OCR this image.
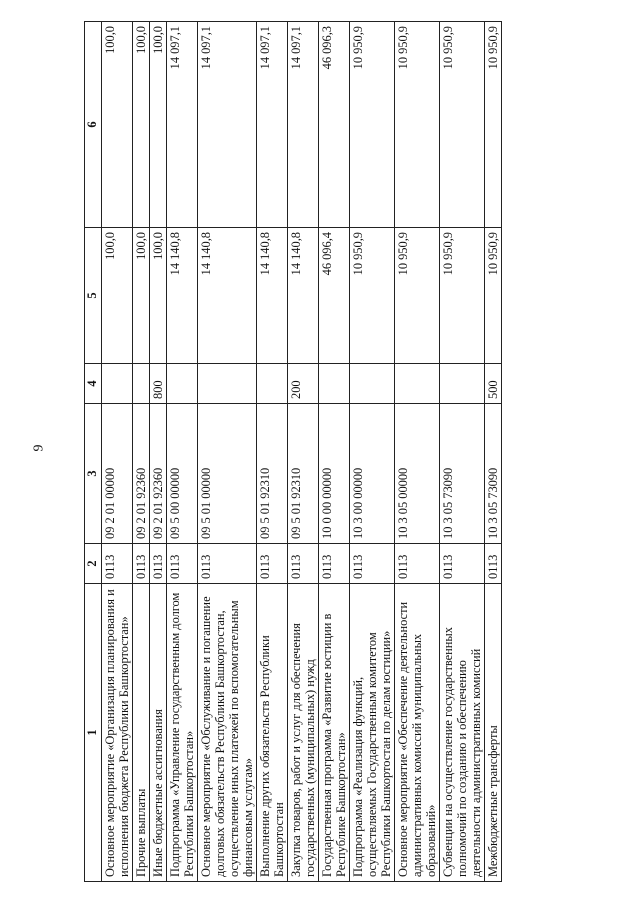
9
1	2	3	4	5	6
Основное мероприятие «Организация планирования и исполнения бюджета Республики Башкортостан»	0113	09 2 01 00000		100,0	100,0
Прочие выплаты	0113	09 2 01 92360		100,0	100,0
Иные бюджетные ассигнования	0113	09 2 01 92360	800	100,0	100,0
Подпрограмма «Управление государственным долгом Республики Башкортостан»	0113	09 5 00 00000		14 140,8	14 097,1
Основное мероприятие «Обслуживание и погашение долговых обязательств Республики Башкортостан, осуществление иных платежей по вспомогательным финансовым услугам»	0113	09 5 01 00000		14 140,8	14 097,1
Выполнение других обязательств Республики Башкортостан	0113	09 5 01 92310		14 140,8	14 097,1
Закупка товаров, работ и услуг для обеспечения государственных (муниципальных) нужд	0113	09 5 01 92310	200	14 140,8	14 097,1
Государственная программа «Развитие юстиции в Республике Башкортостан»	0113	10 0 00 00000		46 096,4	46 096,3
Подпрограмма «Реализация функций, осуществляемых Государственным комитетом Республики Башкортостан по делам юстиции»	0113	10 3 00 00000		10 950,9	10 950,9
Основное мероприятие «Обеспечение деятельности административных комиссий муниципальных образований»	0113	10 3 05 00000		10 950,9	10 950,9
Субвенции на осуществление государственных полномочий по созданию и обеспечению деятельности административных комиссий	0113	10 3 05 73090		10 950,9	10 950,9
Межбюджетные трансферты	0113	10 3 05 73090	500	10 950,9	10 950,9
